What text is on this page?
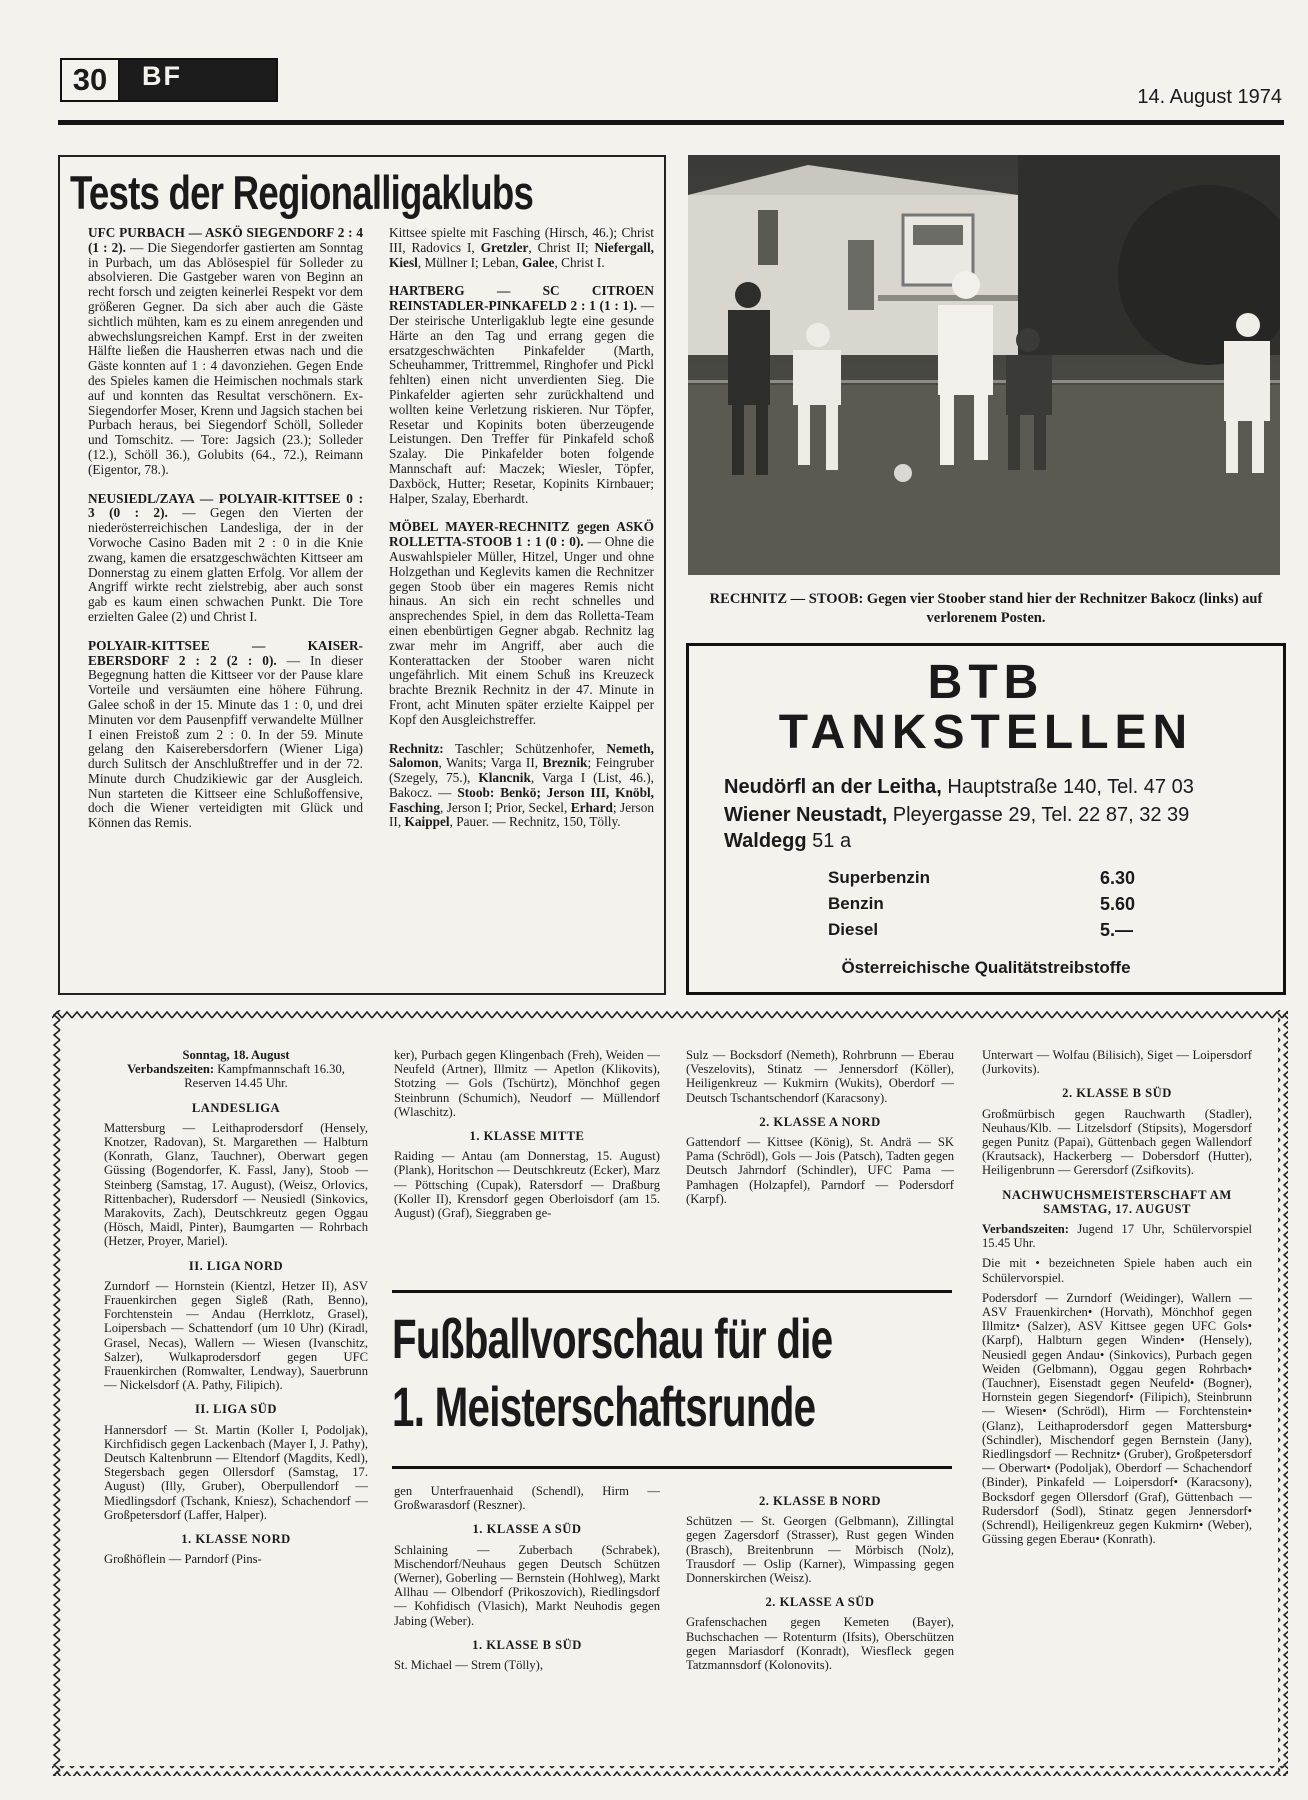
30	BF
14. August 1974
Tests der Regionalligaklubs

UFC PURBACH — ASKÖ SIEGENDORF 2 : 4 (1 : 2). — Die Siegendorfer gastierten am Sonntag in Purbach, um das Ablösespiel für Solleder zu absolvieren. Die Gastgeber waren von Beginn an recht forsch und zeigten keinerlei Respekt vor dem größeren Gegner. Da sich aber auch die Gäste sichtlich mühten, kam es zu einem anregenden und abwechslungsreichen Kampf. Erst in der zweiten Hälfte ließen die Hausherren etwas nach und die Gäste konnten auf 1 : 4 davonziehen. Gegen Ende des Spieles kamen die Heimischen nochmals stark auf und konnten das Resultat verschönern. Ex-Siegendorfer Moser, Krenn und Jagsich stachen bei Purbach heraus, bei Siegendorf Schöll, Solleder und Tomschitz. — Tore: Jagsich (23.); Solleder (12.), Schöll 36.), Golubits (64., 72.), Reimann (Eigentor, 78.).

NEUSIEDL/ZAYA — POLYAIR-KITTSEE 0 : 3 (0 : 2). — Gegen den Vierten der niederösterreichischen Landesliga, der in der Vorwoche Casino Baden mit 2 : 0 in die Knie zwang, kamen die ersatzgeschwächten Kittseer am Donnerstag zu einem glatten Erfolg. Vor allem der Angriff wirkte recht zielstrebig, aber auch sonst gab es kaum einen schwachen Punkt. Die Tore erzielten Galee (2) und Christ I.

POLYAIR-KITTSEE — KAISER-EBERSDORF 2 : 2 (2 : 0). — In dieser Begegnung hatten die Kittseer vor der Pause klare Vorteile und versäumten eine höhere Führung. Galee schoß in der 15. Minute das 1 : 0, und drei Minuten vor dem Pausenpfiff verwandelte Müllner I einen Freistoß zum 2 : 0. In der 59. Minute gelang den Kaiserebersdorfern (Wiener Liga) durch Sulitsch der Anschlußtreffer und in der 72. Minute durch Chudzikiewic gar der Ausgleich. Nun starteten die Kittseer eine Schlußoffensive, doch die Wiener verteidigten mit Glück und Können das Remis.

Kittsee spielte mit Fasching (Hirsch, 46.); Christ III, Radovics I, Gretzler, Christ II; Niefergall, Kiesl, Müllner I; Leban, Galee, Christ I.

HARTBERG — SC CITROEN REINSTADLER-PINKAFELD 2 : 1 (1 : 1). — Der steirische Unterligaklub legte eine gesunde Härte an den Tag und errang gegen die ersatzgeschwächten Pinkafelder (Marth, Scheuhammer, Trittremmel, Ringhofer und Pickl fehlten) einen nicht unverdienten Sieg. Die Pinkafelder agierten sehr zurückhaltend und wollten keine Verletzung riskieren. Nur Töpfer, Resetar und Kopinits boten überzeugende Leistungen. Den Treffer für Pinkafeld schoß Szalay. Die Pinkafelder boten folgende Mannschaft auf: Maczek; Wiesler, Töpfer, Daxböck, Hutter; Resetar, Kopinits Kirnbauer; Halper, Szalay, Eberhardt.

MÖBEL MAYER-RECHNITZ gegen ASKÖ ROLLETTA-STOOB 1 : 1 (0 : 0). — Ohne die Auswahlspieler Müller, Hitzel, Unger und ohne Holzgethan und Keglevits kamen die Rechnitzer gegen Stoob über ein mageres Remis nicht hinaus. An sich ein recht schnelles und ansprechendes Spiel, in dem das Rolletta-Team einen ebenbürtigen Gegner abgab. Rechnitz lag zwar mehr im Angriff, aber auch die Konterattacken der Stoober waren nicht ungefährlich. Mit einem Schuß ins Kreuzeck brachte Breznik Rechnitz in der 47. Minute in Front, acht Minuten später erzielte Kaippel per Kopf den Ausgleichstreffer.

Rechnitz: Taschler; Schützenhofer, Nemeth, Salomon, Wanits; Varga II, Breznik; Feingruber (Szegely, 75.), Klancnik, Varga I (List, 46.), Bakocz. — Stoob: Benkö; Jerson III, Knöbl, Fasching, Jerson I; Prior, Seckel, Erhard; Jerson II, Kaippel, Pauer. — Rechnitz, 150, Tölly.

RECHNITZ — STOOB: Gegen vier Stoober stand hier der Rechnitzer Bakocz (links) auf verlorenem Posten.
BTB
TANKSTELLEN
Neudörfl an der Leitha, Hauptstraße 140, Tel. 47 03
Wiener Neustadt, Pleyergasse 29, Tel. 22 87, 32 39
Waldegg 51 a
Superbenzin	6.30
Benzin	5.60
Diesel	5.—
Österreichische Qualitätstreibstoffe

Sonntag, 18. August
Verbandszeiten: Kampfmannschaft 16.30, Reserven 14.45 Uhr.

LANDESLIGA

Mattersburg — Leithaprodersdorf (Hensely, Knotzer, Radovan), St. Margarethen — Halbturn (Konrath, Glanz, Tauchner), Oberwart gegen Güssing (Bogendorfer, K. Fassl, Jany), Stoob — Steinberg (Samstag, 17. August), (Weisz, Orlovics, Rittenbacher), Rudersdorf — Neusiedl (Sinkovics, Marakovits, Zach), Deutschkreutz gegen Oggau (Hösch, Maidl, Pinter), Baumgarten — Rohrbach (Hetzer, Proyer, Mariel).

II. LIGA NORD

Zurndorf — Hornstein (Kientzl, Hetzer II), ASV Frauenkirchen gegen Sigleß (Rath, Benno), Forchtenstein — Andau (Herrklotz, Grasel), Loipersbach — Schattendorf (um 10 Uhr) (Kiradl, Grasel, Necas), Wallern — Wiesen (Ivanschitz, Salzer), Wulkaprodersdorf gegen UFC Frauenkirchen (Romwalter, Lendway), Sauerbrunn — Nickelsdorf (A. Pathy, Filipich).

II. LIGA SÜD

Hannersdorf — St. Martin (Koller I, Podoljak), Kirchfidisch gegen Lackenbach (Mayer I, J. Pathy), Deutsch Kaltenbrunn — Eltendorf (Magdits, Kedl), Stegersbach gegen Ollersdorf (Samstag, 17. August) (Illy, Gruber), Oberpullendorf — Miedlingsdorf (Tschank, Kniesz), Schachendorf — Großpetersdorf (Laffer, Halper).

1. KLASSE NORD

Großhöflein — Parndorf (Pins-

ker), Purbach gegen Klingenbach (Freh), Weiden — Neufeld (Artner), Illmitz — Apetlon (Klikovits), Stotzing — Gols (Tschürtz), Mönchhof gegen Steinbrunn (Schumich), Neudorf — Müllendorf (Wlaschitz).

1. KLASSE MITTE

Raiding — Antau (am Donnerstag, 15. August) (Plank), Horitschon — Deutschkreutz (Ecker), Marz — Pöttsching (Cupak), Ratersdorf — Draßburg (Koller II), Krensdorf gegen Oberloisdorf (am 15. August) (Graf), Sieggraben ge-

Sulz — Bocksdorf (Nemeth), Rohrbrunn — Eberau (Veszelovits), Stinatz — Jennersdorf (Köller), Heiligenkreuz — Kukmirn (Wukits), Oberdorf — Deutsch Tschantschendorf (Karacsony).

2. KLASSE A NORD

Gattendorf — Kittsee (König), St. Andrä — SK Pama (Schrödl), Gols — Jois (Patsch), Tadten gegen Deutsch Jahrndorf (Schindler), UFC Pama — Pamhagen (Holzapfel), Parndorf — Podersdorf (Karpf).

Unterwart — Wolfau (Bilisich), Siget — Loipersdorf (Jurkovits).

2. KLASSE B SÜD

Großmürbisch gegen Rauchwarth (Stadler), Neuhaus/Klb. — Litzelsdorf (Stipsits), Mogersdorf gegen Punitz (Papai), Güttenbach gegen Wallendorf (Krautsack), Hackerberg — Dobersdorf (Hutter), Heiligenbrunn — Gerersdorf (Zsifkovits).

NACHWUCHSMEISTERSCHAFT AM SAMSTAG, 17. AUGUST

Verbandszeiten: Jugend 17 Uhr, Schülervorspiel 15.45 Uhr.

Die mit • bezeichneten Spiele haben auch ein Schülervorspiel.

Podersdorf — Zurndorf (Weidinger), Wallern — ASV Frauenkirchen• (Horvath), Mönchhof gegen Illmitz• (Salzer), ASV Kittsee gegen UFC Gols• (Karpf), Halbturn gegen Winden• (Hensely), Neusiedl gegen Andau• (Sinkovics), Purbach gegen Weiden (Gelbmann), Oggau gegen Rohrbach• (Tauchner), Eisenstadt gegen Neufeld• (Bogner), Hornstein gegen Siegendorf• (Filipich), Steinbrunn — Wiesen• (Schrödl), Hirm — Forchtenstein• (Glanz), Leithaprodersdorf gegen Mattersburg• (Schindler), Mischendorf gegen Bernstein (Jany), Riedlingsdorf — Rechnitz• (Gruber), Großpetersdorf — Oberwart• (Podoljak), Oberdorf — Schachendorf (Binder), Pinkafeld — Loipersdorf• (Karacsony), Bocksdorf gegen Ollersdorf (Graf), Güttenbach — Rudersdorf (Sodl), Stinatz gegen Jennersdorf• (Schrendl), Heiligenkreuz gegen Kukmirn• (Weber), Güssing gegen Eberau• (Konrath).

Fußballvorschau für die
1. Meisterschaftsrunde

gen Unterfrauenhaid (Schendl), Hirm — Großwarasdorf (Reszner).

1. KLASSE A SÜD

Schlaining — Zuberbach (Schrabek), Mischendorf/Neuhaus gegen Deutsch Schützen (Werner), Goberling — Bernstein (Hohlweg), Markt Allhau — Olbendorf (Prikoszovich), Riedlingsdorf — Kohfidisch (Vlasich), Markt Neuhodis gegen Jabing (Weber).

1. KLASSE B SÜD

St. Michael — Strem (Tölly),

2. KLASSE B NORD

Schützen — St. Georgen (Gelbmann), Zillingtal gegen Zagersdorf (Strasser), Rust gegen Winden (Brasch), Breitenbrunn — Mörbisch (Nolz), Trausdorf — Oslip (Karner), Wimpassing gegen Donnerskirchen (Weisz).

2. KLASSE A SÜD

Grafenschachen gegen Kemeten (Bayer), Buchschachen — Rotenturm (Ifsits), Oberschützen gegen Mariasdorf (Konradt), Wiesfleck gegen Tatzmannsdorf (Kolonovits).
